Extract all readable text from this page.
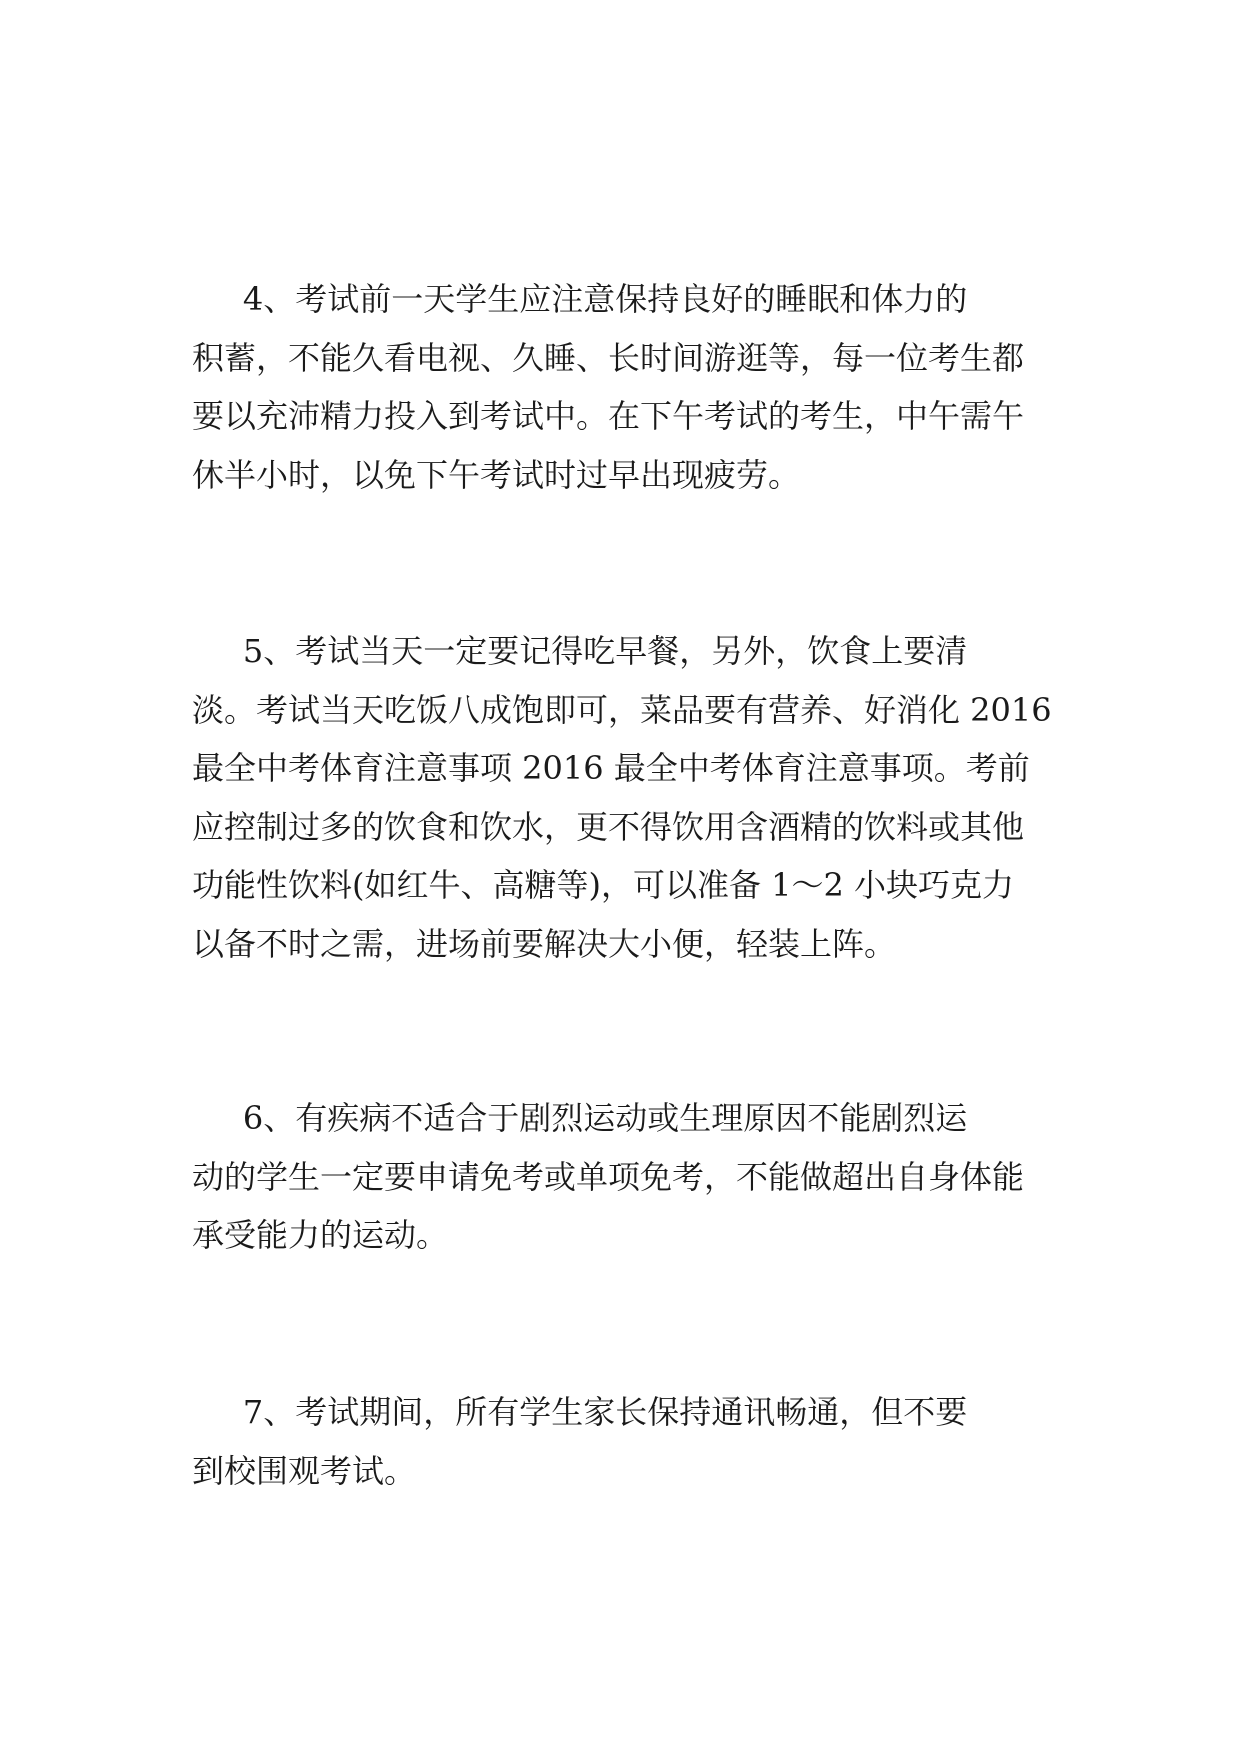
4、考试前一天学生应注意保持良好的睡眠和体力的
积蓄，不能久看电视、久睡、长时间游逛等，每一位考生都
要以充沛精力投入到考试中。在下午考试的考生，中午需午
休半小时，以免下午考试时过早出现疲劳。

5、考试当天一定要记得吃早餐，另外，饮食上要清
淡。考试当天吃饭八成饱即可，菜品要有营养、好消化 2016
最全中考体育注意事项 2016 最全中考体育注意事项。考前
应控制过多的饮食和饮水，更不得饮用含酒精的饮料或其他
功能性饮料(如红牛、高糖等)，可以准备 1～2 小块巧克力
以备不时之需，进场前要解决大小便，轻装上阵。

6、有疾病不适合于剧烈运动或生理原因不能剧烈运
动的学生一定要申请免考或单项免考，不能做超出自身体能
承受能力的运动。

7、考试期间，所有学生家长保持通讯畅通，但不要
到校围观考试。
